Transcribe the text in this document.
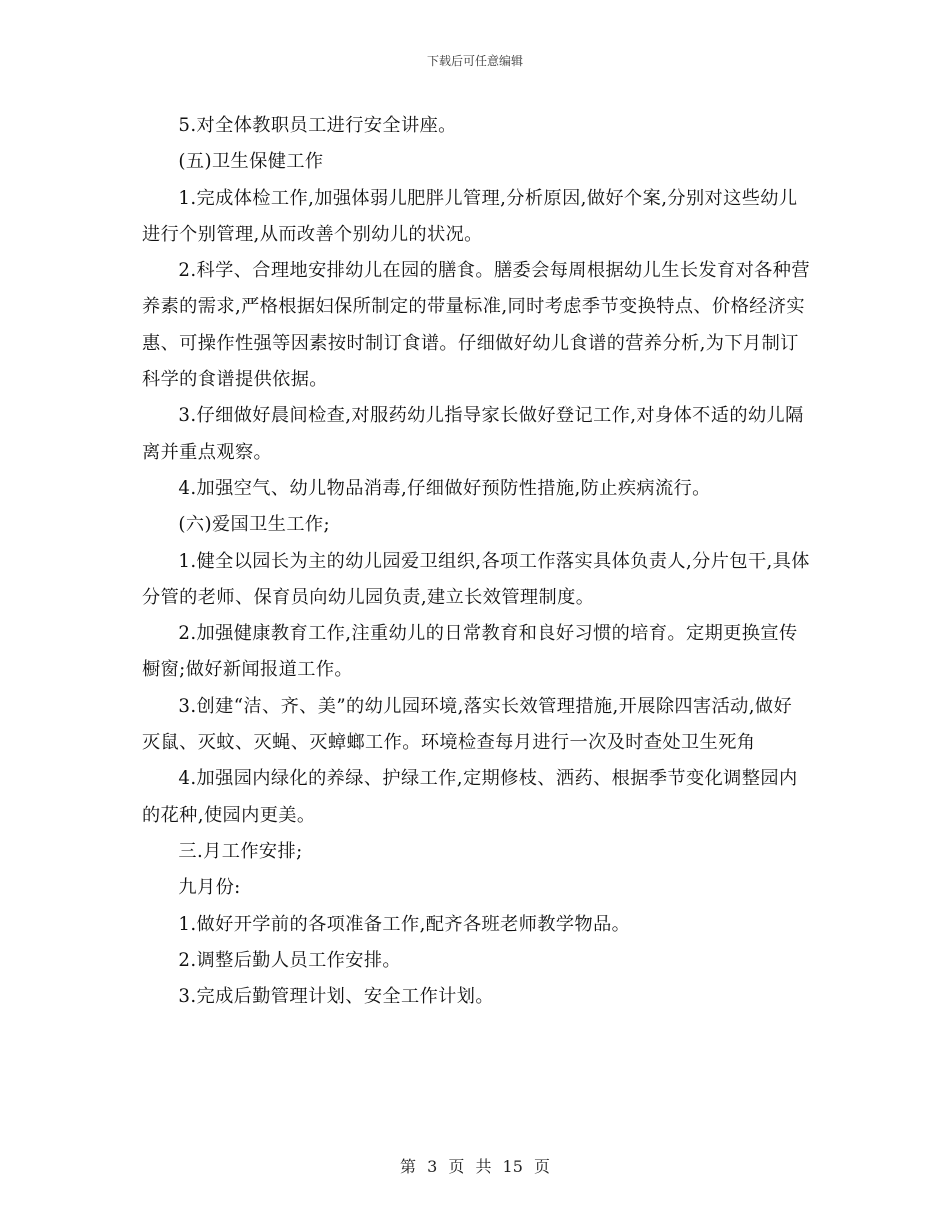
下载后可任意编辑

5.对全体教职员工进行安全讲座。

(五)卫生保健工作

1.完成体检工作,加强体弱儿肥胖儿管理,分析原因,做好个案,分别对这些幼儿进行个别管理,从而改善个别幼儿的状况。

2.科学、合理地安排幼儿在园的膳食。膳委会每周根据幼儿生长发育对各种营养素的需求,严格根据妇保所制定的带量标准,同时考虑季节变换特点、价格经济实惠、可操作性强等因素按时制订食谱。仔细做好幼儿食谱的营养分析,为下月制订科学的食谱提供依据。

3.仔细做好晨间检查,对服药幼儿指导家长做好登记工作,对身体不适的幼儿隔离并重点观察。

4.加强空气、幼儿物品消毒,仔细做好预防性措施,防止疾病流行。

(六)爱国卫生工作;

1.健全以园长为主的幼儿园爱卫组织,各项工作落实具体负责人,分片包干,具体分管的老师、保育员向幼儿园负责,建立长效管理制度。

2.加强健康教育工作,注重幼儿的日常教育和良好习惯的培育。定期更换宣传橱窗;做好新闻报道工作。

3.创建“洁、齐、美”的幼儿园环境,落实长效管理措施,开展除四害活动,做好灭鼠、灭蚊、灭蝇、灭蟑螂工作。环境检查每月进行一次及时查处卫生死角

4.加强园内绿化的养绿、护绿工作,定期修枝、洒药、根据季节变化调整园内的花种,使园内更美。

三.月工作安排;

九月份:

1.做好开学前的各项准备工作,配齐各班老师教学物品。

2.调整后勤人员工作安排。

3.完成后勤管理计划、安全工作计划。

第 3 页 共 15 页
